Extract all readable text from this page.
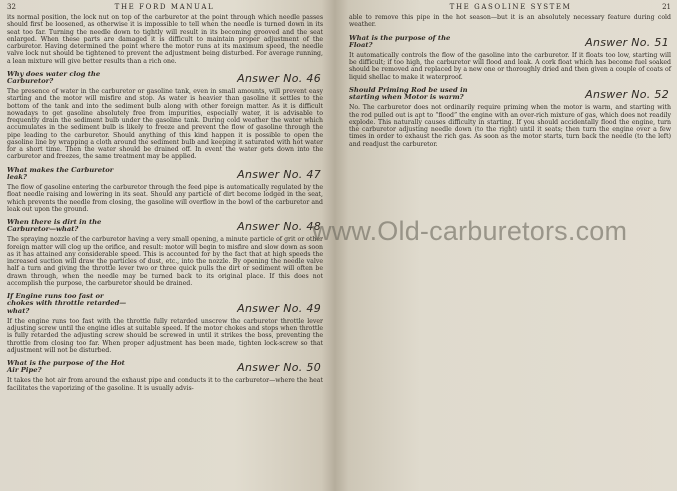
32	THE FORD MANUAL

its normal position, the lock nut on top of the carburetor at the point through which needle passes should first be loosened, as otherwise it is impossible to tell when the needle is turned down in its seat too far. Turning the needle down to tightly will result in its becoming grooved and the seat enlarged. When these parts are damaged it is difficult to maintain proper adjustment of the carburetor. Having determined the point where the motor runs at its maximum speed, the needle valve lock nut should be tightened to prevent the adjustment being disturbed. For average running, a lean mixture will give better results than a rich one.

Why does water clog the Carburetor?	Answer No. 46

The presence of water in the carburetor or gasoline tank, even in small amounts, will prevent easy starting and the motor will misfire and stop. As water is heavier than gasoline it settles to the bottom of the tank and into the sediment bulb along with other foreign matter. As it is difficult nowadays to get gasoline absolutely free from impurities, especially water, it is advisable to frequently drain the sediment bulb under the gasoline tank. During cold weather the water which accumulates in the sediment bulb is likely to freeze and prevent the flow of gasoline through the pipe leading to the carburetor. Should anything of this kind happen it is possible to open the gasoline line by wrapping a cloth around the sediment bulb and keeping it saturated with hot water for a short time. Then the water should be drained off. In event the water gets down into the carburetor and freezes, the same treatment may be applied.

What makes the Carburetor leak?	Answer No. 47

The flow of gasoline entering the carburetor through the feed pipe is automatically regulated by the float needle raising and lowering in its seat. Should any particle of dirt become lodged in the seat, which prevents the needle from closing, the gasoline will overflow in the bowl of the carburetor and leak out upon the ground.

When there is dirt in the Carburetor—what?	Answer No. 48

The spraying nozzle of the carburetor having a very small opening, a minute particle of grit or other foreign matter will clog up the orifice, and result: motor will begin to misfire and slow down as soon as it has attained any considerable speed. This is accounted for by the fact that at high speeds the increased suction will draw the particles of dust, etc., into the nozzle. By opening the needle valve half a turn and giving the throttle lever two or three quick pulls the dirt or sediment will often be drawn through, when the needle may be turned back to its original place. If this does not accomplish the purpose, the carburetor should be drained.

If Engine runs too fast or chokes with throttle retarded—what?	Answer No. 49

If the engine runs too fast with the throttle fully retarded unscrew the carburetor throttle lever adjusting screw until the engine idles at suitable speed. If the motor chokes and stops when throttle is fully retarded the adjusting screw should be screwed in until it strikes the boss, preventing the throttle from closing too far. When proper adjustment has been made, tighten lock-screw so that adjustment will not be disturbed.

What is the purpose of the Hot Air Pipe?	Answer No. 50

It takes the hot air from around the exhaust pipe and conducts it to the carburetor—where the heat facilitates the vaporizing of the gasoline. It is usually advis-

THE GASOLINE SYSTEM	21

able to remove this pipe in the hot season—but it is an absolutely necessary feature during cold weather.

What is the purpose of the Float?	Answer No. 51

It automatically controls the flow of the gasoline into the carburetor. If it floats too low, starting will be difficult; if too high, the carburetor will flood and leak. A cork float which has become fuel soaked should be removed and replaced by a new one or thoroughly dried and then given a couple of coats of liquid shellac to make it waterproof.

Should Priming Rod be used in starting when Motor is warm?	Answer No. 52

No. The carburetor does not ordinarily require priming when the motor is warm, and starting with the rod pulled out is apt to “flood” the engine with an over-rich mixture of gas, which does not readily explode. This naturally causes difficulty in starting. If you should accidentally flood the engine, turn the carburetor adjusting needle down (to the right) until it seats; then turn the engine over a few times in order to exhaust the rich gas. As soon as the motor starts, turn back the needle (to the left) and readjust the carburetor.

www.Old-carburetors.com
